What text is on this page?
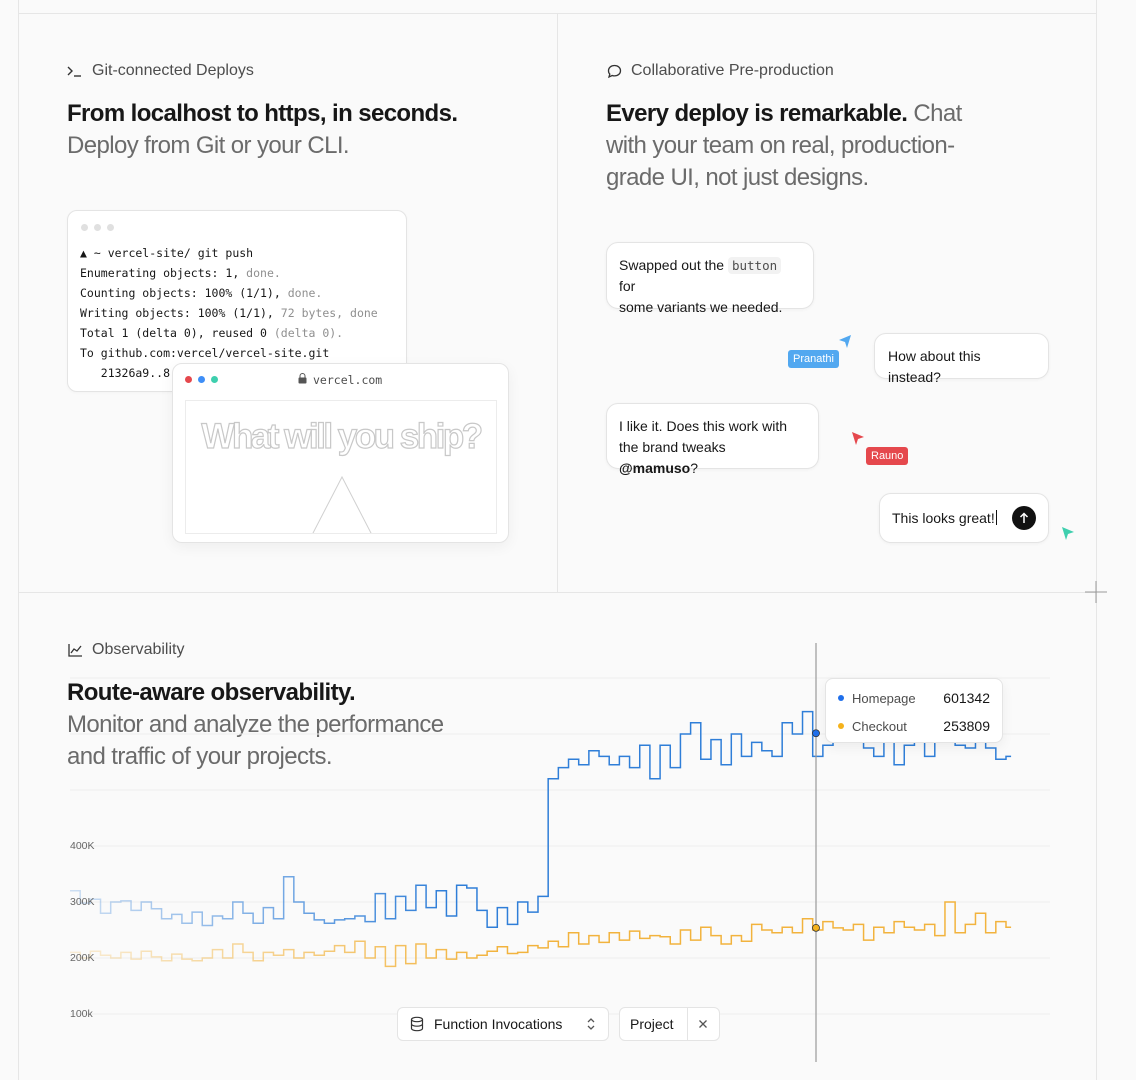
Git-connected Deploys
From localhost to https, in seconds.
Deploy from Git or your CLI.
▲ ~ vercel-site/ git push
Enumerating objects: 1, done.
Counting objects: 100% (1/1), done.
Writing objects: 100% (1/1), 72 bytes, done
Total 1 (delta 0), reused 0 (delta 0).
To github.com:vercel/vercel-site.git
21326a9..8	vercel.com
What will you ship?
Collaborative Pre-production
Every deploy is remarkable. Chat
with your team on real, production-
grade UI, not just designs.
Swapped out the button for
some variants we needed.
Pranathi	How about this instead?
I like it. Does this work with
the brand tweaks @mamuso?
Rauno
This looks great!
Observability
Route-aware observability.
Monitor and analyze the performance
and traffic of your projects.
400K
300K
200K
100k
Homepage	601342
Checkout	253809
Function Invocations	Project
